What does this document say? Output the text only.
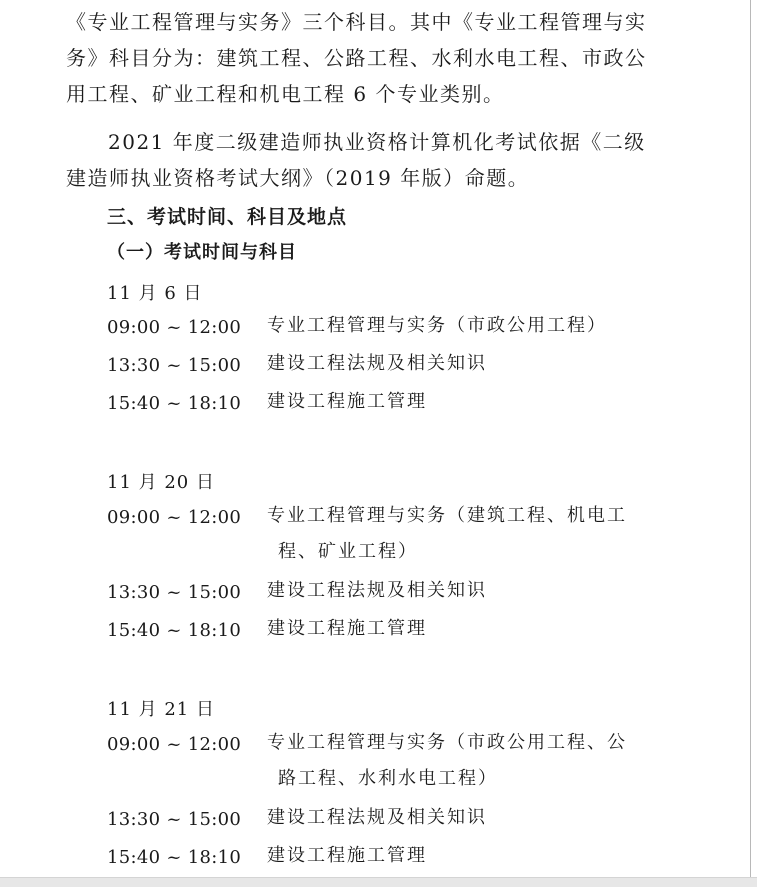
《专业工程管理与实务》三个科目。其中《专业工程管理与实务》科目分为：建筑工程、公路工程、水利水电工程、市政公用工程、矿业工程和机电工程 6 个专业类别。

2021 年度二级建造师执业资格计算机化考试依据《二级建造师执业资格考试大纲》（2019 年版）命题。

三、考试时间、科目及地点
（一）考试时间与科目
11 月 6 日
09:00 ~ 12:00	专业工程管理与实务（市政公用工程）
13:30 ~ 15:00	建设工程法规及相关知识
15:40 ~ 18:10	建设工程施工管理
11 月 20 日
09:00 ~ 12:00	专业工程管理与实务（建筑工程、机电工
程、矿业工程）
13:30 ~ 15:00	建设工程法规及相关知识
15:40 ~ 18:10	建设工程施工管理
11 月 21 日
09:00 ~ 12:00	专业工程管理与实务（市政公用工程、公
路工程、水利水电工程）
13:30 ~ 15:00	建设工程法规及相关知识
15:40 ~ 18:10	建设工程施工管理
